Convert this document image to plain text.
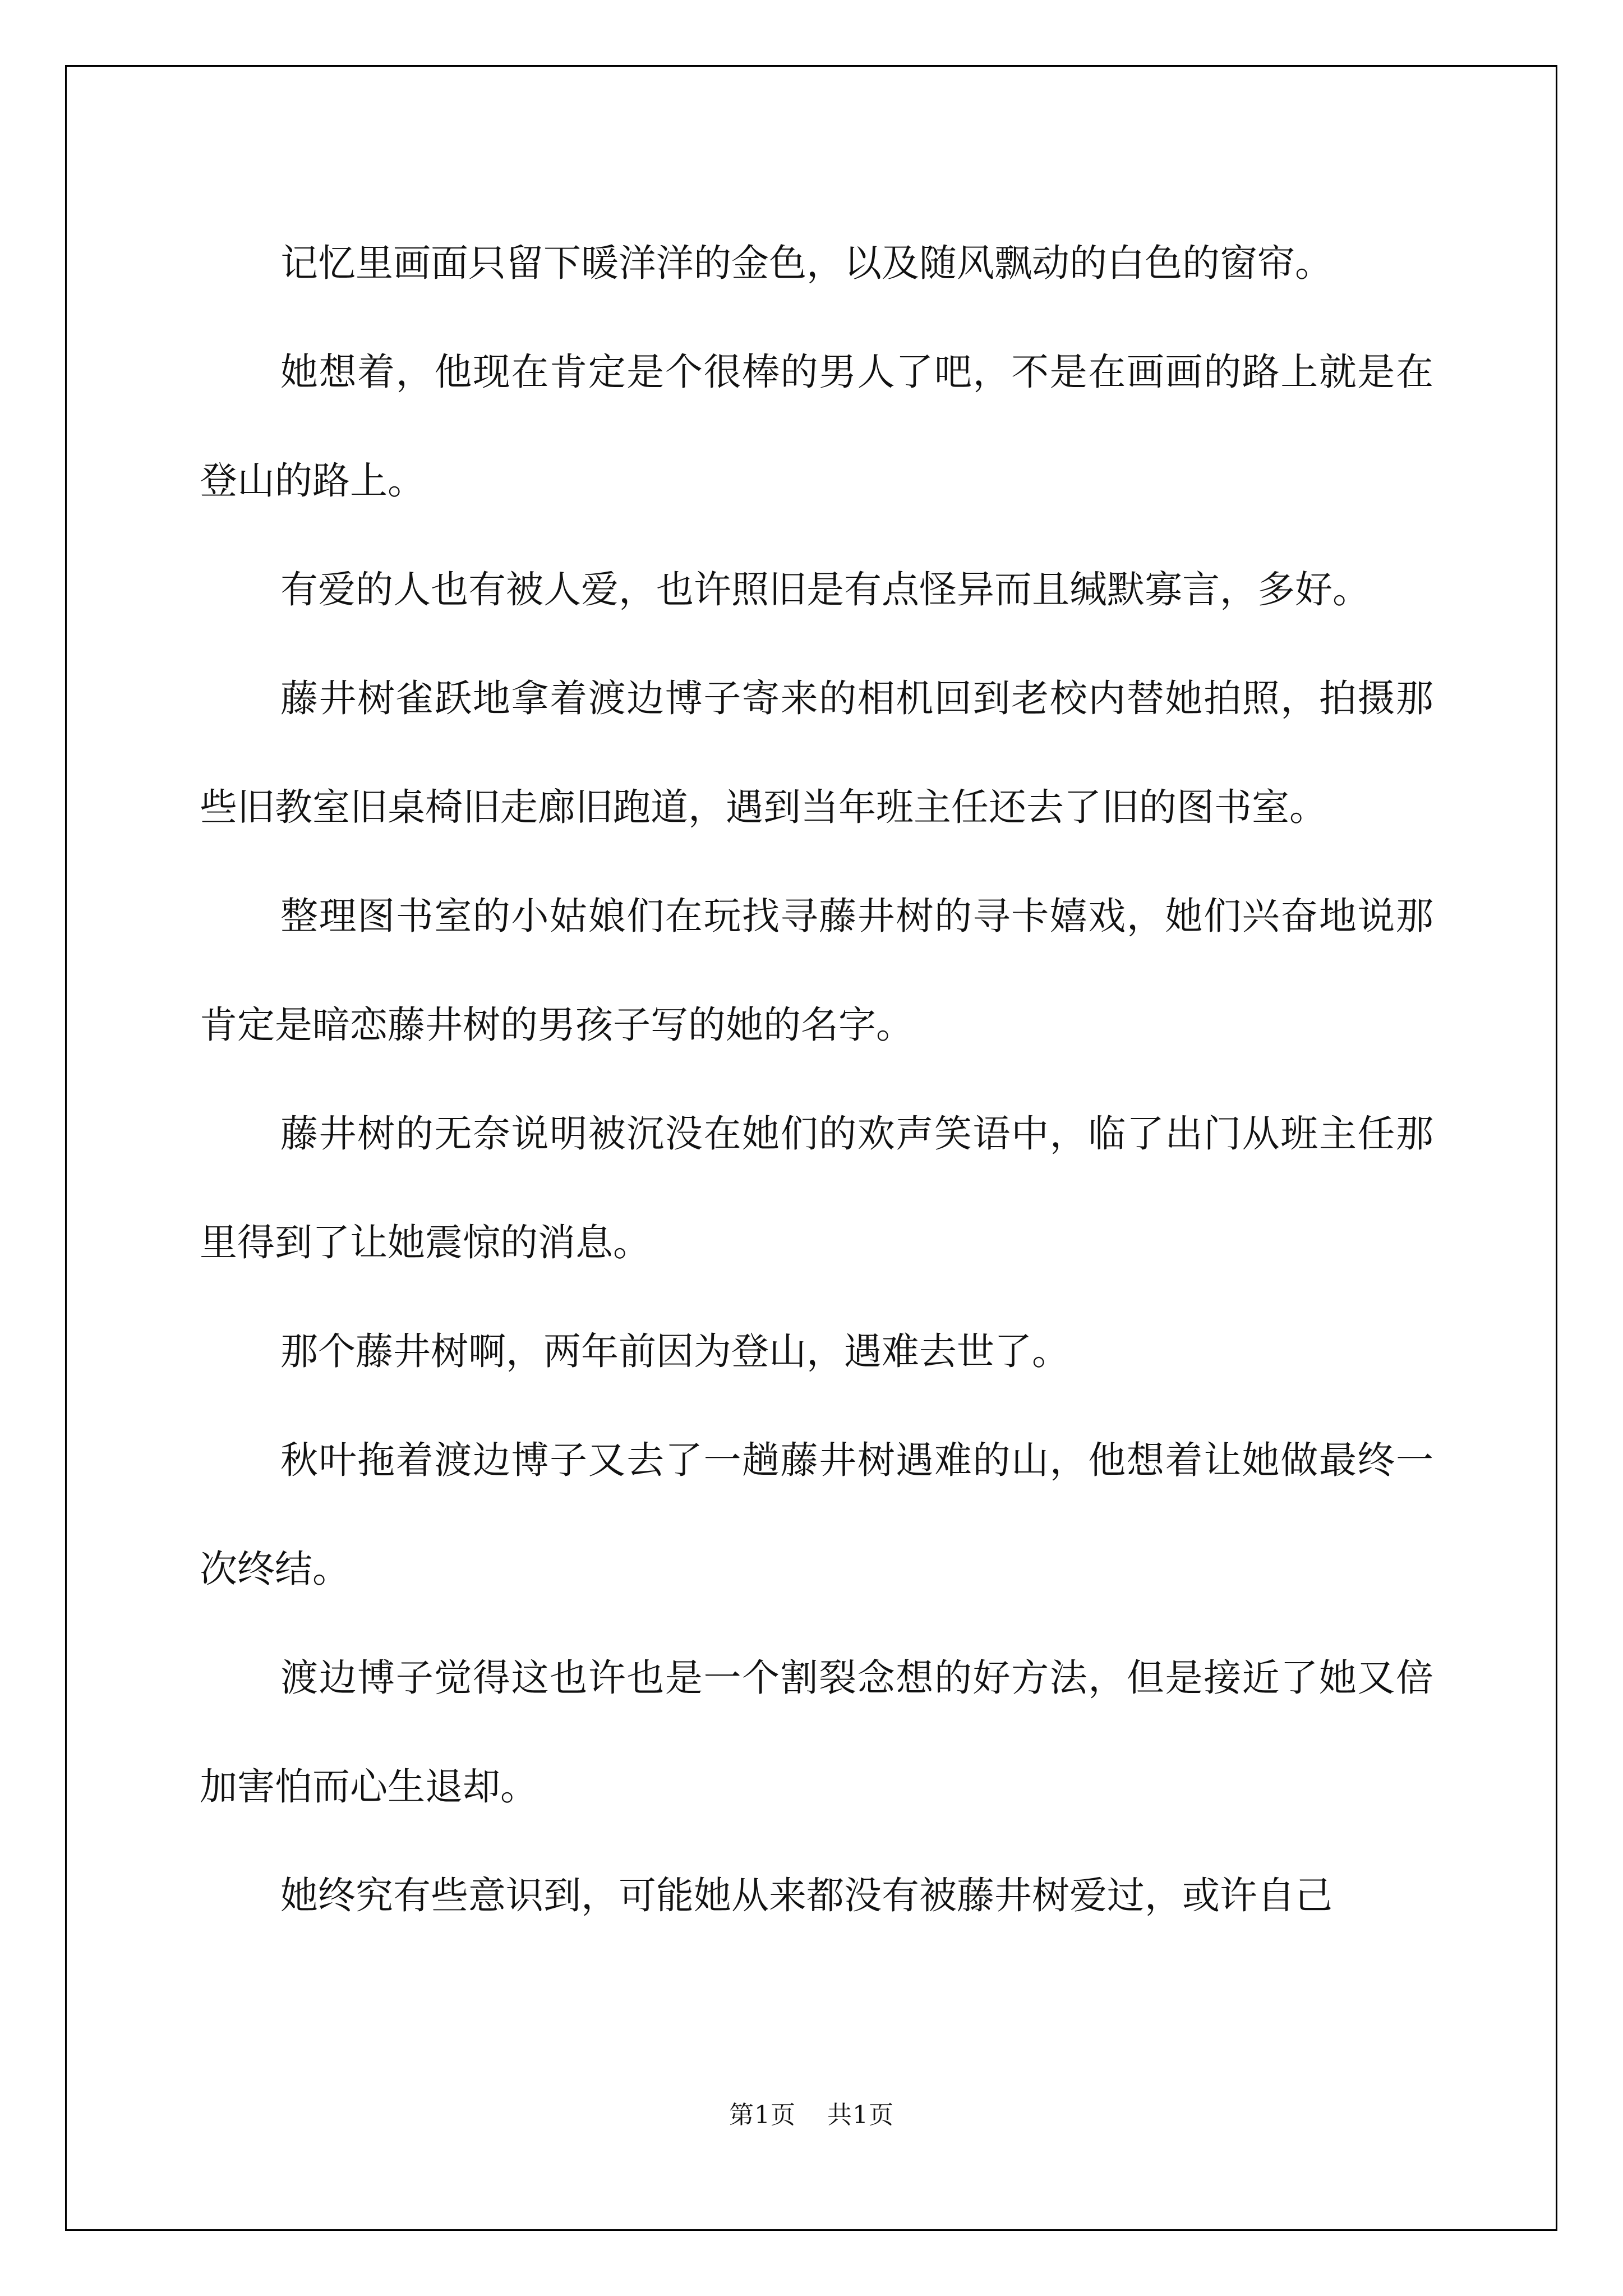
记忆里画面只留下暖洋洋的金色，以及随风飘动的白色的窗帘。

她想着，他现在肯定是个很棒的男人了吧，不是在画画的路上就是在登山的路上。

有爱的人也有被人爱，也许照旧是有点怪异而且缄默寡言，多好。

藤井树雀跃地拿着渡边博子寄来的相机回到老校内替她拍照，拍摄那些旧教室旧桌椅旧走廊旧跑道，遇到当年班主任还去了旧的图书室。

整理图书室的小姑娘们在玩找寻藤井树的寻卡嬉戏，她们兴奋地说那肯定是暗恋藤井树的男孩子写的她的名字。

藤井树的无奈说明被沉没在她们的欢声笑语中，临了出门从班主任那里得到了让她震惊的消息。

那个藤井树啊，两年前因为登山，遇难去世了。

秋叶拖着渡边博子又去了一趟藤井树遇难的山，他想着让她做最终一次终结。

渡边博子觉得这也许也是一个割裂念想的好方法，但是接近了她又倍加害怕而心生退却。

她终究有些意识到，可能她从来都没有被藤井树爱过，或许自己

第1页 共1页
